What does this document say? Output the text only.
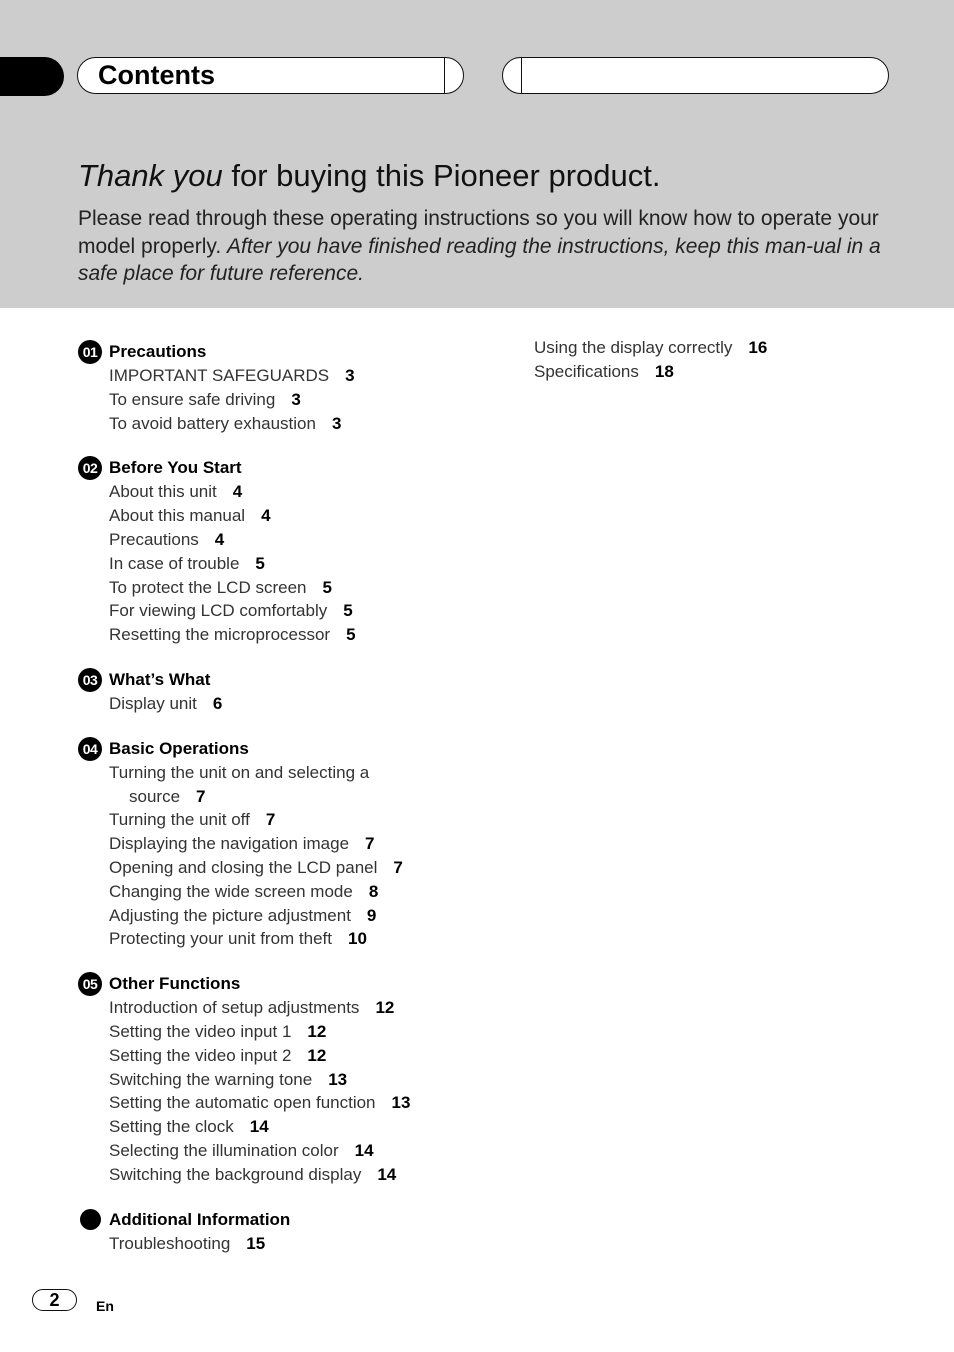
Contents
Thank you for buying this Pioneer product.
Please read through these operating instructions so you will know how to operate your model properly. After you have finished reading the instructions, keep this man-ual in a safe place for future reference.
01 Precautions
IMPORTANT SAFEGUARDS 3
To ensure safe driving 3
To avoid battery exhaustion 3
02 Before You Start
About this unit 4
About this manual 4
Precautions 4
In case of trouble 5
To protect the LCD screen 5
For viewing LCD comfortably 5
Resetting the microprocessor 5
03 What’s What
Display unit 6
04 Basic Operations
Turning the unit on and selecting a
source 7
Turning the unit off 7
Displaying the navigation image 7
Opening and closing the LCD panel 7
Changing the wide screen mode 8
Adjusting the picture adjustment 9
Protecting your unit from theft 10
05 Other Functions
Introduction of setup adjustments 12
Setting the video input 1 12
Setting the video input 2 12
Switching the warning tone 13
Setting the automatic open function 13
Setting the clock 14
Selecting the illumination color 14
Switching the background display 14
Additional Information
Troubleshooting 15
Using the display correctly 16
Specifications 18
2	En
